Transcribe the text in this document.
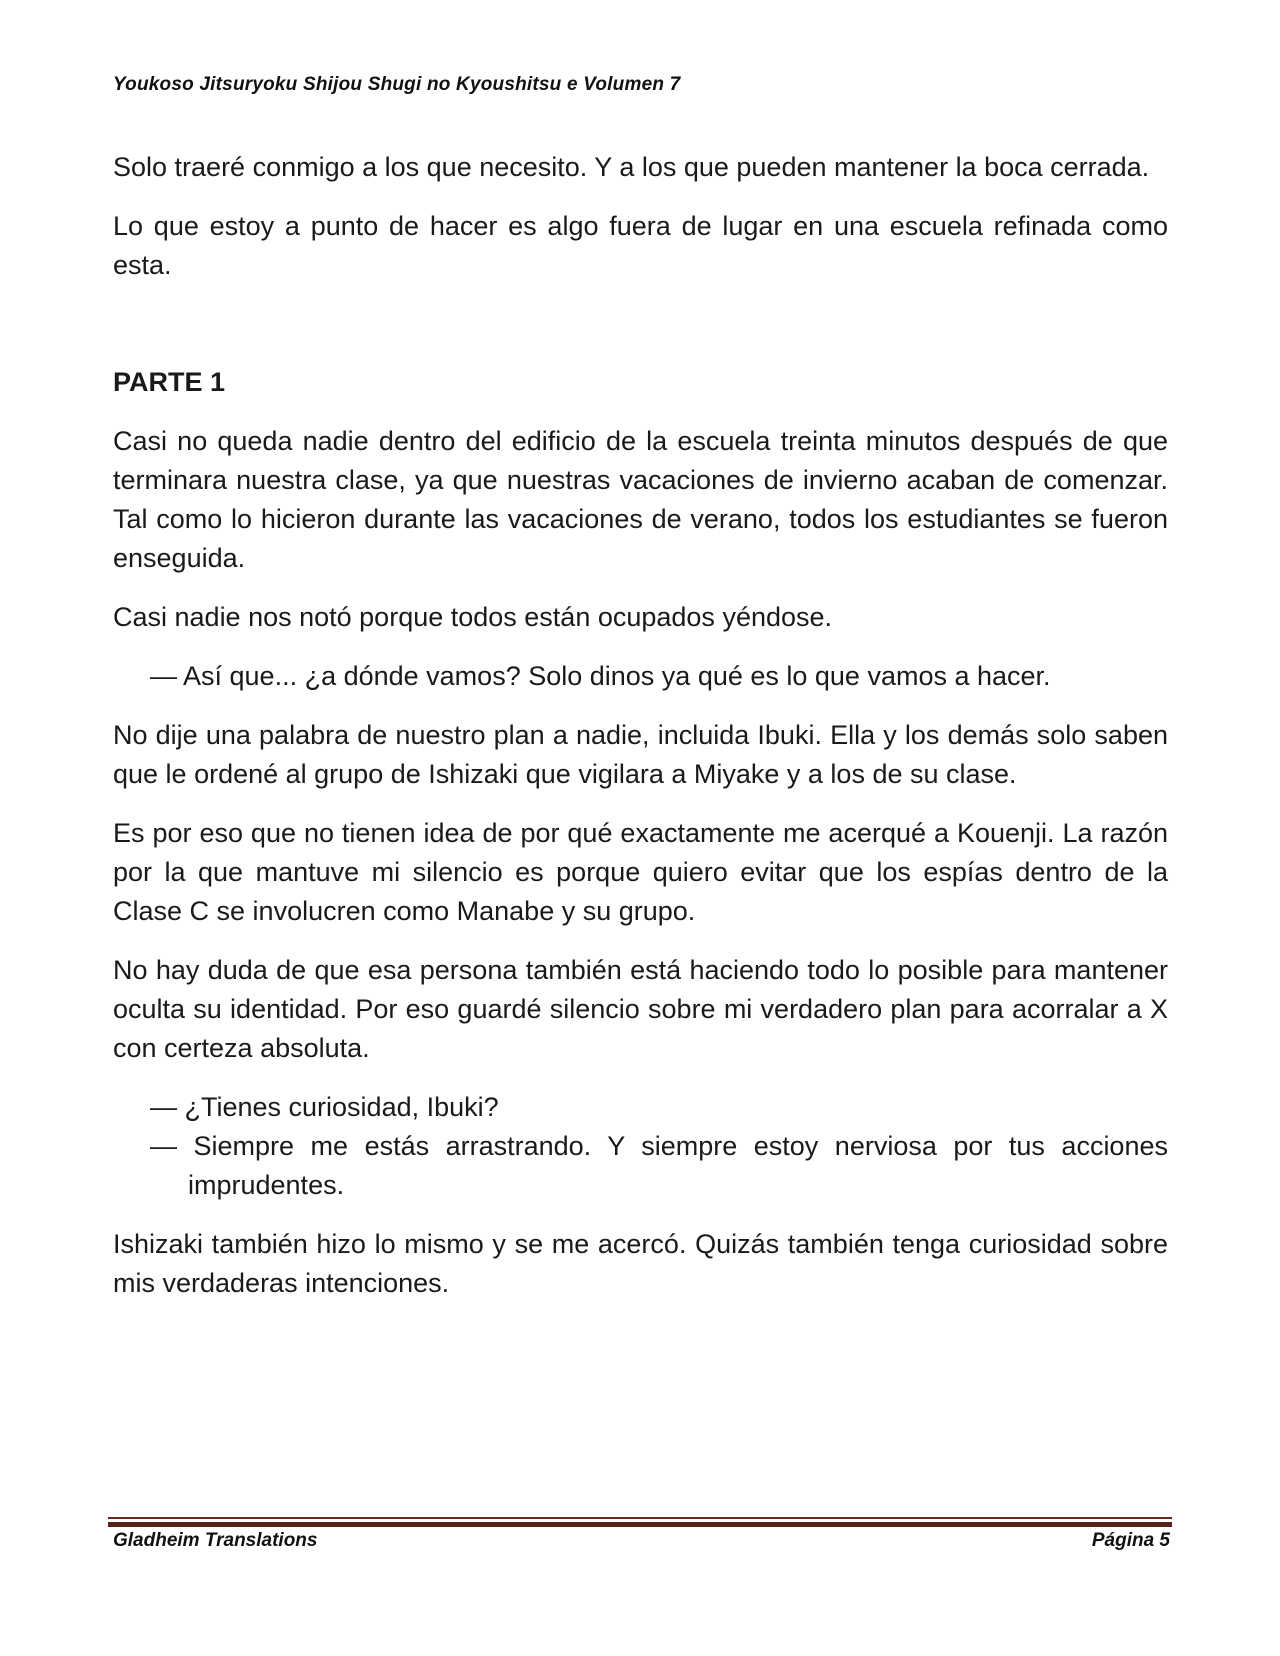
Youkoso Jitsuryoku Shijou Shugi no Kyoushitsu e Volumen 7

Solo traeré conmigo a los que necesito. Y a los que pueden mantener la boca cerrada.

Lo que estoy a punto de hacer es algo fuera de lugar en una escuela refinada como esta.

PARTE 1

Casi no queda nadie dentro del edificio de la escuela treinta minutos después de que terminara nuestra clase, ya que nuestras vacaciones de invierno acaban de comenzar. Tal como lo hicieron durante las vacaciones de verano, todos los estudiantes se fueron enseguida.

Casi nadie nos notó porque todos están ocupados yéndose.

— Así que... ¿a dónde vamos? Solo dinos ya qué es lo que vamos a hacer.

No dije una palabra de nuestro plan a nadie, incluida Ibuki. Ella y los demás solo saben que le ordené al grupo de Ishizaki que vigilara a Miyake y a los de su clase.

Es por eso que no tienen idea de por qué exactamente me acerqué a Kouenji. La razón por la que mantuve mi silencio es porque quiero evitar que los espías dentro de la Clase C se involucren como Manabe y su grupo.

No hay duda de que esa persona también está haciendo todo lo posible para mantener oculta su identidad. Por eso guardé silencio sobre mi verdadero plan para acorralar a X con certeza absoluta.

— ¿Tienes curiosidad, Ibuki?

— Siempre me estás arrastrando. Y siempre estoy nerviosa por tus acciones imprudentes.

Ishizaki también hizo lo mismo y se me acercó. Quizás también tenga curiosidad sobre mis verdaderas intenciones.

Gladheim Translations	Página 5
